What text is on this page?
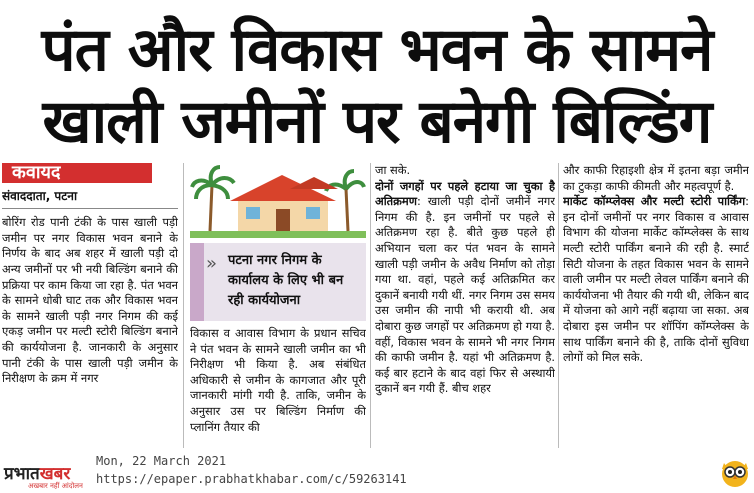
पंत और विकास भवन के सामने
खाली जमीनों पर बनेगी बिल्डिंग
कवायद
संवाददाता, पटना

बोरिंग रोड पानी टंकी के पास खाली पड़ी जमीन पर नगर विकास भवन बनाने के निर्णय के बाद अब शहर में खाली पड़ी दो अन्य जमीनों पर भी नयी बिल्डिंग बनाने की प्रक्रिया पर काम किया जा रहा है. पंत भवन के सामने धोबी घाट तक और विकास भवन के सामने खाली पड़ी नगर निगम की कई एकड़ जमीन पर मल्टी स्टोरी बिल्डिंग बनाने की कार्ययोजना है. जानकारी के अनुसार पानी टंकी के पास खाली पड़ी जमीन के निरीक्षण के क्रम में नगर

जा सके.

दोनों जगहों पर पहले हटाया जा चुका है अतिक्रमण: खाली पड़ी दोनों जमीनें नगर निगम की है. इन जमीनों पर पहले से अतिक्रमण रहा है. बीते कुछ पहले ही अभियान चला कर पंत भवन के सामने खाली पड़ी जमीन के अवैध निर्माण को तोड़ा गया था. वहां, पहले कई अतिक्रमित कर दुकानें बनायी गयी थीं. नगर निगम उस समय उस जमीन की नापी भी करायी थी. अब दोबारा कुछ जगहों पर अतिक्रमण हो गया है. वहीं, विकास भवन के सामने भी नगर निगम की काफी जमीन है. यहां भी अतिक्रमण है. कई बार हटाने के बाद वहां फिर से अस्थायी दुकानें बन गयी हैं. बीच शहर

और काफी रिहाइशी क्षेत्र में इतना बड़ा जमीन का टुकड़ा काफी कीमती और महत्वपूर्ण है.

मार्केट कॉम्प्लेक्स और मल्टी स्टोरी पार्किंग: इन दोनों जमीनों पर नगर विकास व आवास विभाग की योजना मार्केट कॉम्प्लेक्स के साथ मल्टी स्टोरी पार्किंग बनाने की रही है. स्मार्ट सिटी योजना के तहत विकास भवन के सामने वाली जमीन पर मल्टी लेवल पार्किंग बनाने की कार्ययोजना भी तैयार की गयी थी, लेकिन बाद में योजना को आगे नहीं बढ़ाया जा सका. अब दोबारा इस जमीन पर शॉपिंग कॉम्प्लेक्स के साथ पार्किंग बनाने की है, ताकि दोनों सुविधा लोगों को मिल सके.

» पटना नगर निगम के कार्यालय के लिए भी बन रही कार्ययोजना

विकास व आवास विभाग के प्रधान सचिव ने पंत भवन के सामने खाली जमीन का भी निरीक्षण भी किया है. अब संबंधित अधिकारी से जमीन के कागजात और पूरी जानकारी मांगी गयी है. ताकि, जमीन के अनुसार उस पर बिल्डिंग निर्माण की प्लानिंग तैयार की

प्रभातखबर
अखबार नहीं आंदोलन
Mon, 22 March 2021
https://epaper.prabhatkhabar.com/c/59263141
